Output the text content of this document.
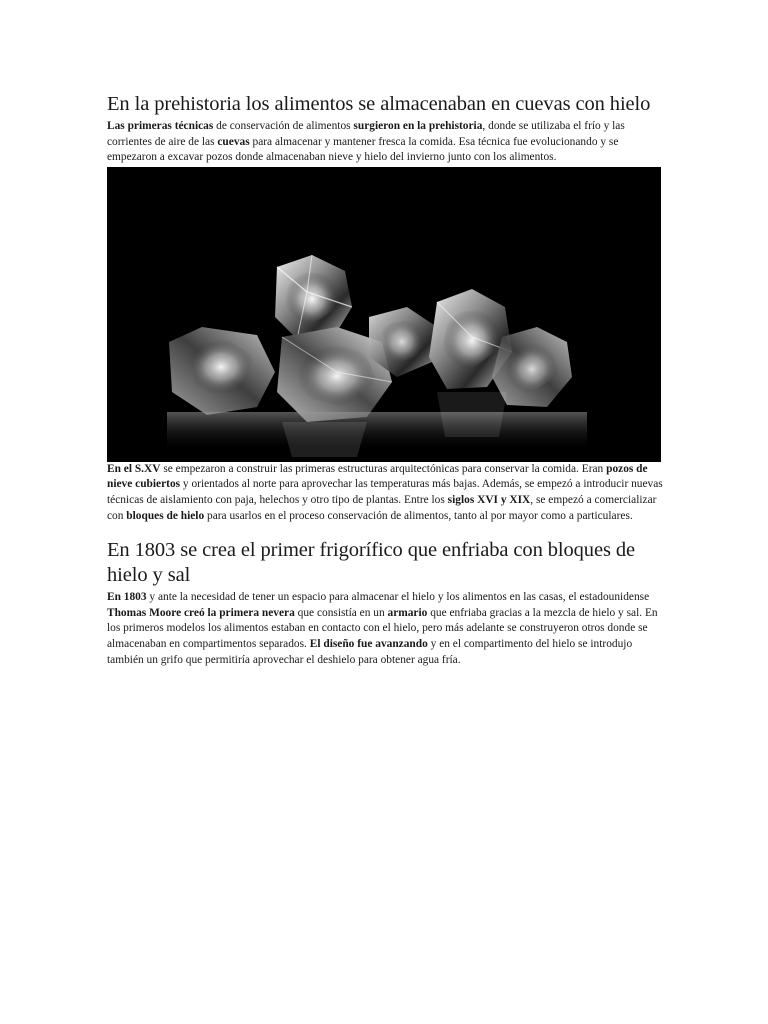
En la prehistoria los alimentos se almacenaban en cuevas con hielo

Las primeras técnicas de conservación de alimentos surgieron en la prehistoria, donde se utilizaba el frío y las corrientes de aire de las cuevas para almacenar y mantener fresca la comida. Esa técnica fue evolucionando y se empezaron a excavar pozos donde almacenaban nieve y hielo del invierno junto con los alimentos.

En el S.XV se empezaron a construir las primeras estructuras arquitectónicas para conservar la comida. Eran pozos de nieve cubiertos y orientados al norte para aprovechar las temperaturas más bajas. Además, se empezó a introducir nuevas técnicas de aislamiento con paja, helechos y otro tipo de plantas. Entre los siglos XVI y XIX, se empezó a comercializar con bloques de hielo para usarlos en el proceso conservación de alimentos, tanto al por mayor como a particulares.

En 1803 se crea el primer frigorífico que enfriaba con bloques de hielo y sal

En 1803 y ante la necesidad de tener un espacio para almacenar el hielo y los alimentos en las casas, el estadounidense Thomas Moore creó la primera nevera que consistía en un armario que enfriaba gracias a la mezcla de hielo y sal. En los primeros modelos los alimentos estaban en contacto con el hielo, pero más adelante se construyeron otros donde se almacenaban en compartimentos separados. El diseño fue avanzando y en el compartimento del hielo se introdujo también un grifo que permitiría aprovechar el deshielo para obtener agua fría.
